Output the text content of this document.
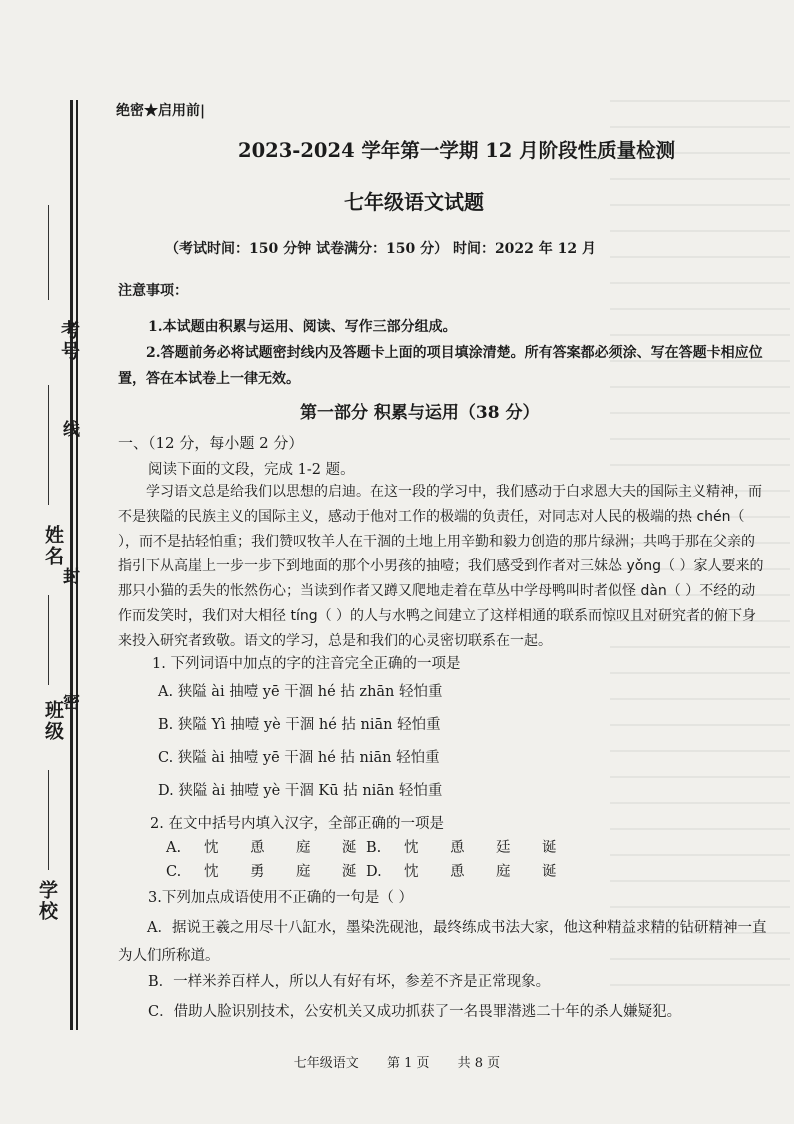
考号
姓名
班级
学校
线
封
密
绝密★启用前|
2023-2024 学年第一学期 12 月阶段性质量检测
七年级语文试题
（考试时间：150 分钟 试卷满分：150 分） 时间：2022 年 12 月
注意事项：
1.本试题由积累与运用、阅读、写作三部分组成。
2.答题前务必将试题密封线内及答题卡上面的项目填涂清楚。所有答案都必须涂、写在答题卡相应位置，答在本试卷上一律无效。
第一部分 积累与运用（38 分）
一、（12 分，每小题 2 分）
阅读下面的文段，完成 1-2 题。
学习语文总是给我们以思想的启迪。在这一段的学习中，我们感动于白求恩大夫的国际主义精神，而不是狭隘的民族主义的国际主义，感动于他对工作的极端的负责任，对同志对人民的极端的热 chén（ ），而不是拈轻怕重；我们赞叹牧羊人在干涸的土地上用辛勤和毅力创造的那片绿洲；共鸣于那在父亲的指引下从高崖上一步一步下到地面的那个小男孩的抽噎；我们感受到作者对三妹怂 yǒng（ ）家人要来的那只小猫的丢失的怅然伤心；当读到作者又蹲又爬地走着在草丛中学母鸭叫时者似怪 dàn（ ）不经的动作而发笑时，我们对大相径 tíng（ ）的人与水鸭之间建立了这样相通的联系而惊叹且对研究者的俯下身来投入研究者致敬。语文的学习，总是和我们的心灵密切联系在一起。
1. 下列词语中加点的字的注音完全正确的一项是
A. 狭隘 ài 抽噎 yē 干涸 hé 拈 zhān 轻怕重
B. 狭隘 Yì 抽噎 yè 干涸 hé 拈 niān 轻怕重
C. 狭隘 ài 抽噎 yē 干涸 hé 拈 niān 轻怕重
D. 狭隘 ài 抽噎 yè 干涸 Kū 拈 niān 轻怕重
2. 在文中括号内填入汉字，全部正确的一项是
A. 忱 恿 庭 涎 B. 忱 恿 廷 诞
C. 忱 勇 庭 涎 D. 忱 恿 庭 诞
3.下列加点成语使用不正确的一句是（ ）
A．据说王羲之用尽十八缸水，墨染洗砚池，最终练成书法大家，他这种精益求精的钻研精神一直为人们所称道。
B．一样米养百样人，所以人有好有坏，参差不齐是正常现象。
C．借助人脸识别技术，公安机关又成功抓获了一名畏罪潜逃二十年的杀人嫌疑犯。
七年级语文 第 1 页 共 8 页
